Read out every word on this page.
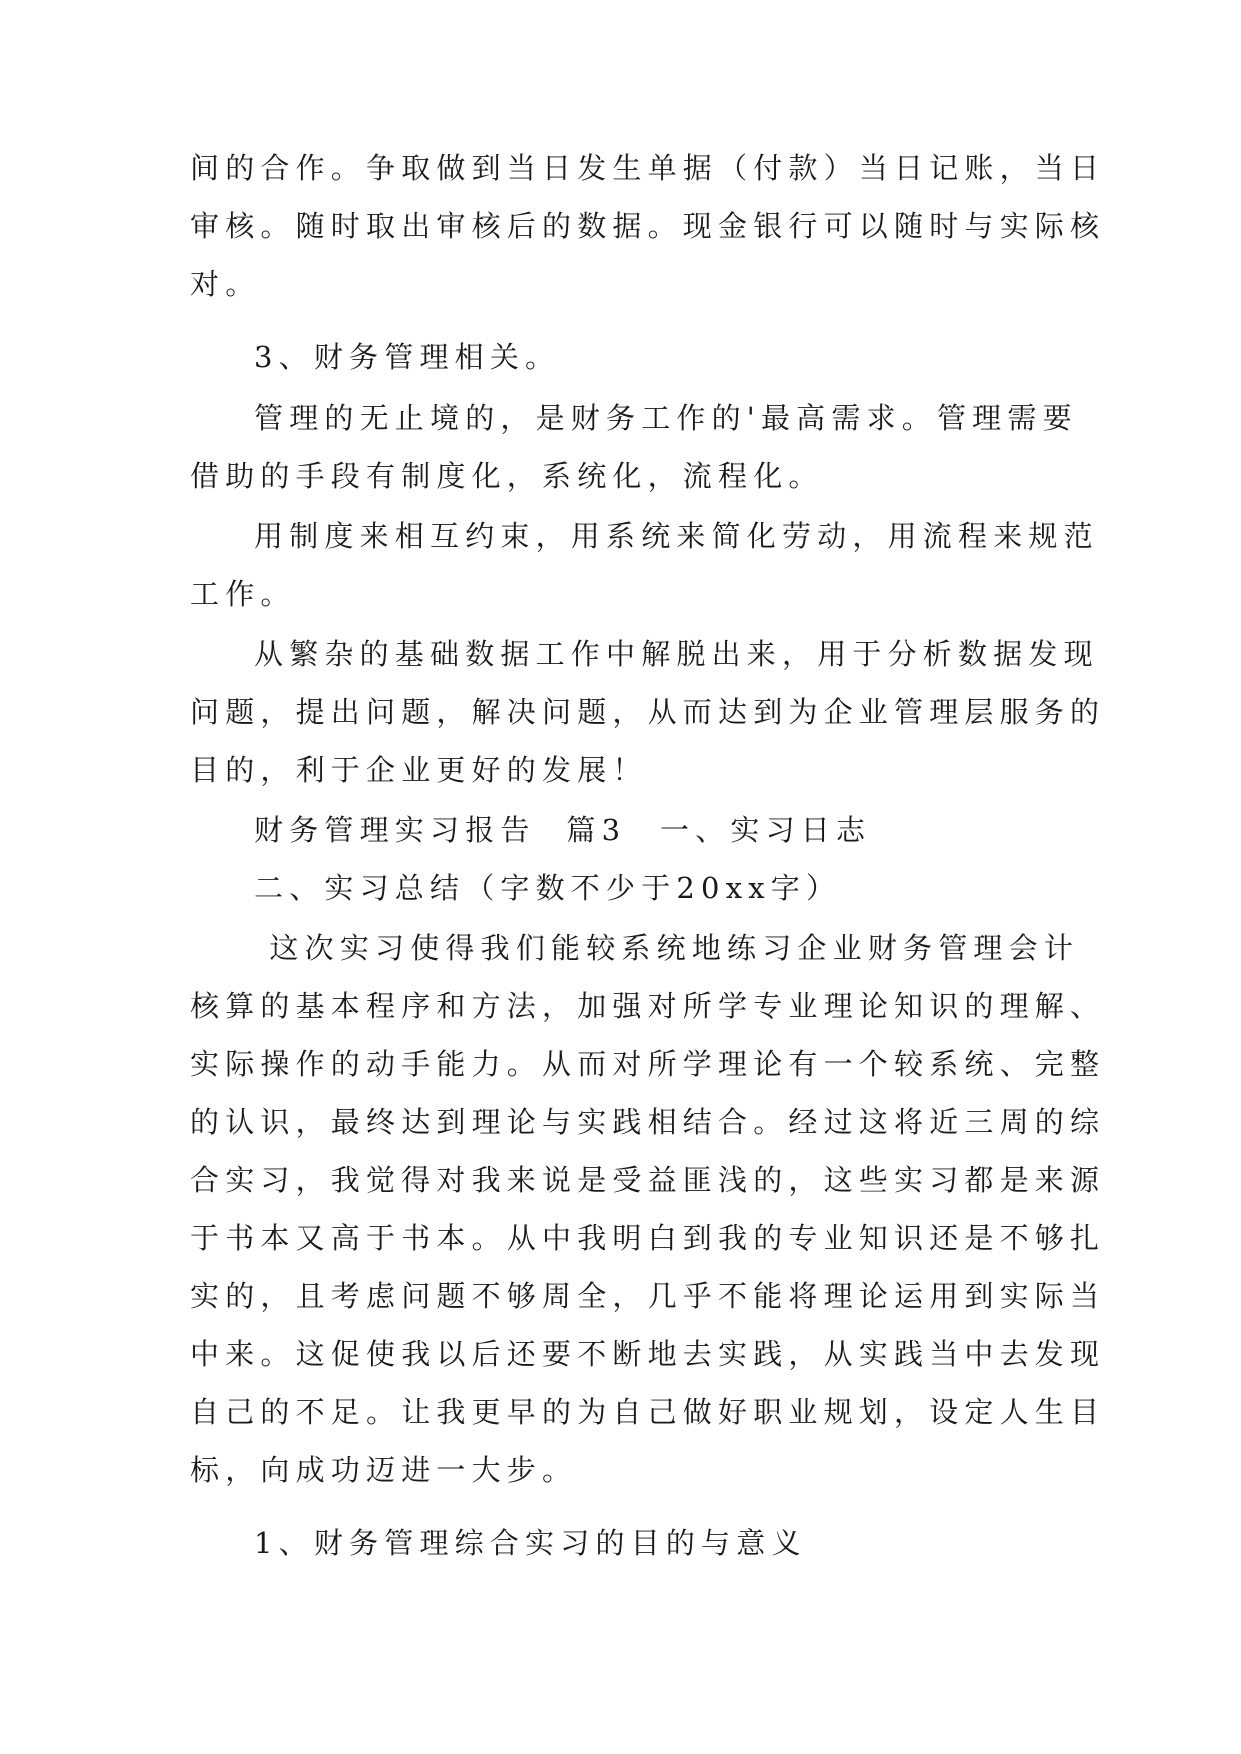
间的合作。争取做到当日发生单据（付款）当日记账，当日
审核。随时取出审核后的数据。现金银行可以随时与实际核
对。
3、财务管理相关。
管理的无止境的，是财务工作的'最高需求。管理需要
借助的手段有制度化，系统化，流程化。
用制度来相互约束，用系统来简化劳动，用流程来规范
工作。
从繁杂的基础数据工作中解脱出来，用于分析数据发现
问题，提出问题，解决问题，从而达到为企业管理层服务的
目的，利于企业更好的发展！
财务管理实习报告  篇3 一、实习日志
二、实习总结（字数不少于20xx字）
这次实习使得我们能较系统地练习企业财务管理会计
核算的基本程序和方法，加强对所学专业理论知识的理解、
实际操作的动手能力。从而对所学理论有一个较系统、完整
的认识，最终达到理论与实践相结合。经过这将近三周的综
合实习，我觉得对我来说是受益匪浅的，这些实习都是来源
于书本又高于书本。从中我明白到我的专业知识还是不够扎
实的，且考虑问题不够周全，几乎不能将理论运用到实际当
中来。这促使我以后还要不断地去实践，从实践当中去发现
自己的不足。让我更早的为自己做好职业规划，设定人生目
标，向成功迈进一大步。
1、财务管理综合实习的目的与意义
